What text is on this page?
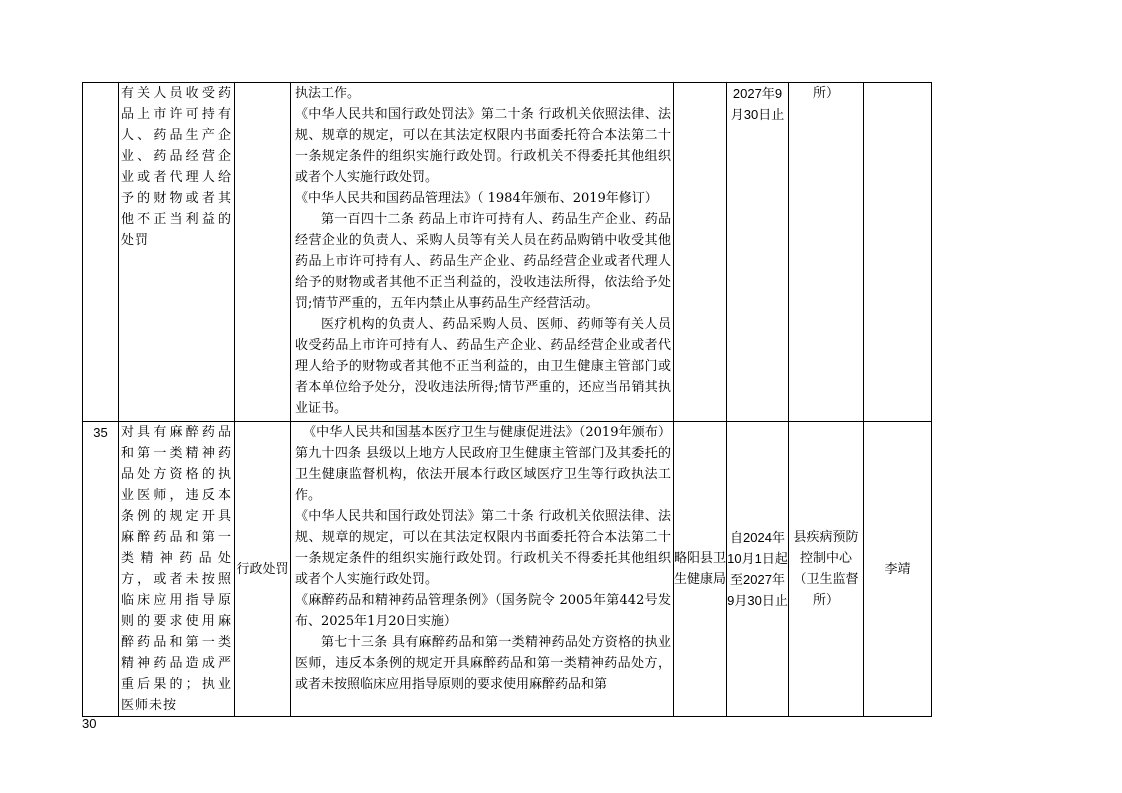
	有关人员收受药品上市许可持有人、药品生产企业、药品经营企业或者代理人给予的财物或者其他不正当利益的处罚		执法工作。

《中华人民共和国行政处罚法》第二十条 行政机关依照法律、法规、规章的规定，可以在其法定权限内书面委托符合本法第二十一条规定条件的组织实施行政处罚。行政机关不得委托其他组织或者个人实施行政处罚。

《中华人民共和国药品管理法》（ 1984年颁布、2019年修订）

第一百四十二条 药品上市许可持有人、药品生产企业、药品经营企业的负责人、采购人员等有关人员在药品购销中收受其他药品上市许可持有人、药品生产企业、药品经营企业或者代理人给予的财物或者其他不正当利益的，没收违法所得，依法给予处罚;情节严重的，五年内禁止从事药品生产经营活动。

医疗机构的负责人、药品采购人员、医师、药师等有关人员收受药品上市许可持有人、药品生产企业、药品经营企业或者代理人给予的财物或者其他不正当利益的，由卫生健康主管部门或者本单位给予处分，没收违法所得;情节严重的，还应当吊销其执业证书。		2027年9月30日止	所）	
35	对具有麻醉药品和第一类精神药品处方资格的执业医师，违反本条例的规定开具麻醉药品和第一类精神药品处方，或者未按照临床应用指导原则的要求使用麻醉药品和第一类精神药品造成严重后果的；执业医师未按	行政处罚	《中华人民共和国基本医疗卫生与健康促进法》（2019年颁布）第九十四条 县级以上地方人民政府卫生健康主管部门及其委托的卫生健康监督机构，依法开展本行政区域医疗卫生等行政执法工作。

《中华人民共和国行政处罚法》第二十条 行政机关依照法律、法规、规章的规定，可以在其法定权限内书面委托符合本法第二十一条规定条件的组织实施行政处罚。行政机关不得委托其他组织或者个人实施行政处罚。

《麻醉药品和精神药品管理条例》（国务院令 2005年第442号发布、2025年1月20日实施）

第七十三条 具有麻醉药品和第一类精神药品处方资格的执业医师，违反本条例的规定开具麻醉药品和第一类精神药品处方，或者未按照临床应用指导原则的要求使用麻醉药品和第	略阳县卫生健康局	自2024年10月1日起至2027年9月30日止	县疾病预防控制中心（卫生监督所）	李靖
30
